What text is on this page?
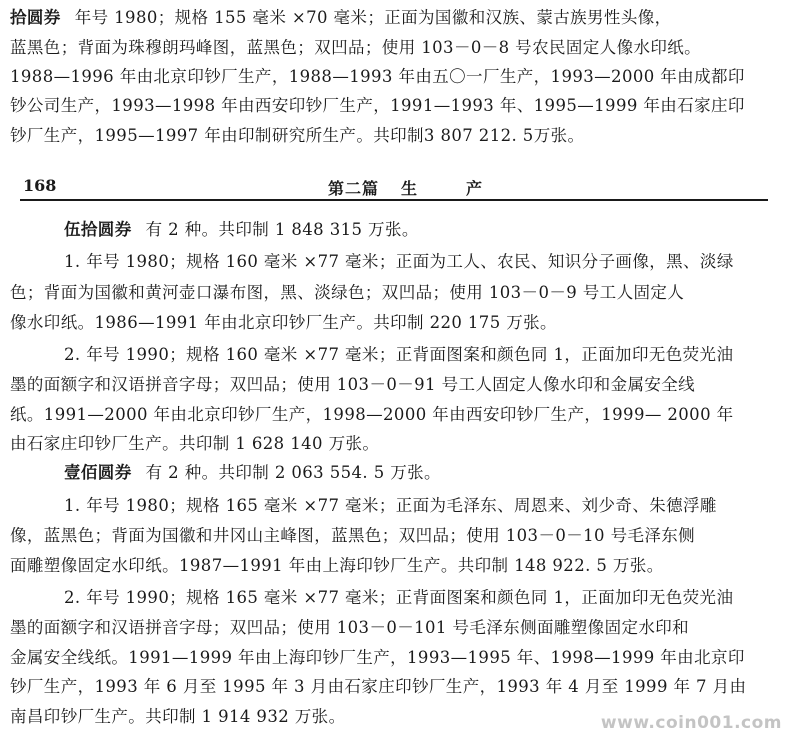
拾圆券 年号 1980；规格 155 毫米 ×70 毫米；正面为国徽和汉族、蒙古族男性头像，
蓝黑色；背面为珠穆朗玛峰图，蓝黑色；双凹品；使用 103－0－8 号农民固定人像水印纸。
1988—1996 年由北京印钞厂生产，1988—1993 年由五〇一厂生产，1993—2000 年由成都印
钞公司生产，1993—1998 年由西安印钞厂生产，1991—1993 年、1995—1999 年由石家庄印
钞厂生产，1995—1997 年由印制研究所生产。共印制3 807 212. 5万张。
168	第二篇 生	产
伍拾圆券 有 2 种。共印制 1 848 315 万张。
1. 年号 1980；规格 160 毫米 ×77 毫米；正面为工人、农民、知识分子画像，黑、淡绿
色；背面为国徽和黄河壶口瀑布图，黑、淡绿色；双凹品；使用 103－0－9 号工人固定人
像水印纸。1986—1991 年由北京印钞厂生产。共印制 220 175 万张。
2. 年号 1990；规格 160 毫米 ×77 毫米；正背面图案和颜色同 1，正面加印无色荧光油
墨的面额字和汉语拼音字母；双凹品；使用 103－0－91 号工人固定人像水印和金属安全线
纸。1991—2000 年由北京印钞厂生产，1998—2000 年由西安印钞厂生产，1999— 2000 年
由石家庄印钞厂生产。共印制 1 628 140 万张。
壹佰圆券 有 2 种。共印制 2 063 554. 5 万张。
1. 年号 1980；规格 165 毫米 ×77 毫米；正面为毛泽东、周恩来、刘少奇、朱德浮雕
像，蓝黑色；背面为国徽和井冈山主峰图，蓝黑色；双凹品；使用 103－0－10 号毛泽东侧
面雕塑像固定水印纸。1987—1991 年由上海印钞厂生产。共印制 148 922. 5 万张。
2. 年号 1990；规格 165 毫米 ×77 毫米；正背面图案和颜色同 1，正面加印无色荧光油
墨的面额字和汉语拼音字母；双凹品；使用 103－0－101 号毛泽东侧面雕塑像固定水印和
金属安全线纸。1991—1999 年由上海印钞厂生产，1993—1995 年、1998—1999 年由北京印
钞厂生产，1993 年 6 月至 1995 年 3 月由石家庄印钞厂生产，1993 年 4 月至 1999 年 7 月由
南昌印钞厂生产。共印制 1 914 932 万张。	www.coin001.com
